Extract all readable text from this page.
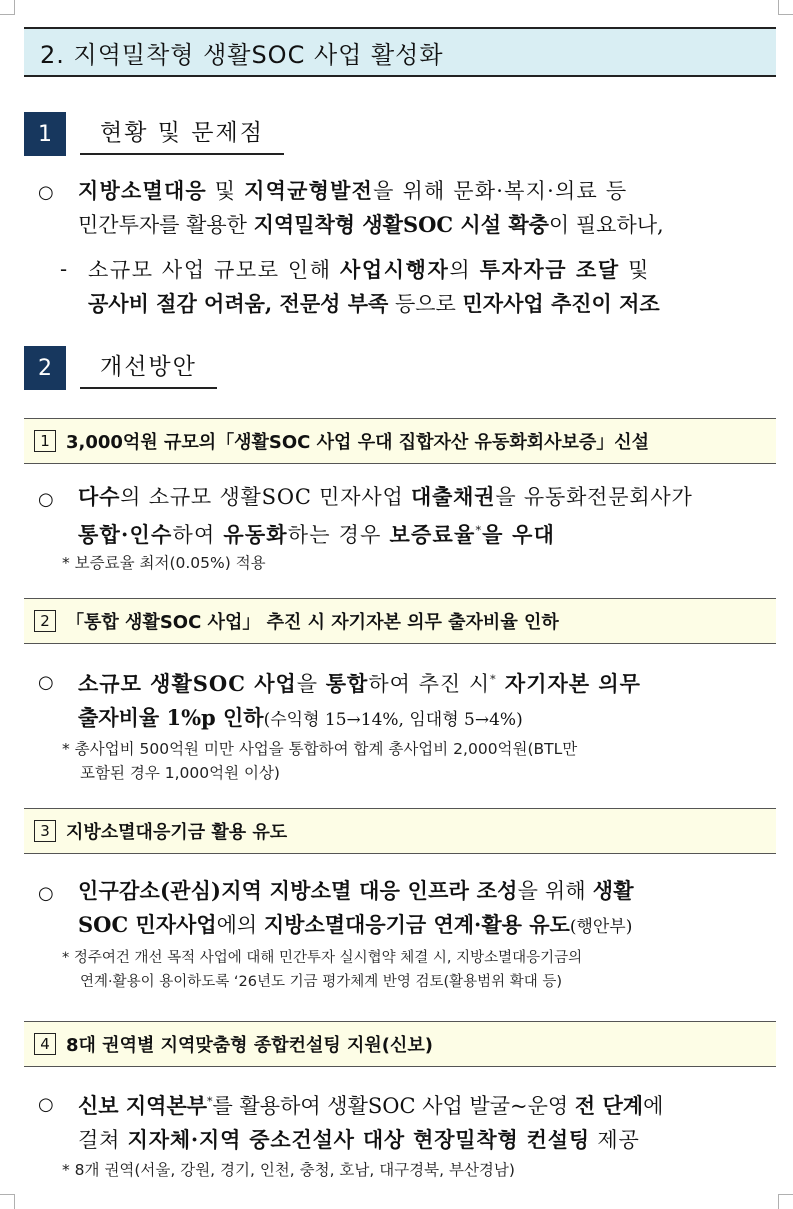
2. 지역밀착형 생활SOC 사업 활성화
1	현황 및 문제점
○ 지방소멸대응 및 지역균형발전을 위해 문화·복지·의료 등
민간투자를 활용한 지역밀착형 생활SOC 시설 확충이 필요하나,
- 소규모 사업 규모로 인해 사업시행자의 투자자금 조달 및
공사비 절감 어려움, 전문성 부족 등으로 민자사업 추진이 저조
2	개선방안
1 3,000억원 규모의「생활SOC 사업 우대 집합자산 유동화회사보증」신설
○ 다수의 소규모 생활SOC 민자사업 대출채권을 유동화전문회사가
통합·인수하여 유동화하는 경우 보증료율*을 우대
* 보증료율 최저(0.05%) 적용
2 「통합 생활SOC 사업」 추진 시 자기자본 의무 출자비율 인하
○ 소규모 생활SOC 사업을 통합하여 추진 시* 자기자본 의무
출자비율 1%p 인하(수익형 15→14%, 임대형 5→4%)
* 총사업비 500억원 미만 사업을 통합하여 합계 총사업비 2,000억원(BTL만
포함된 경우 1,000억원 이상)
3 지방소멸대응기금 활용 유도
○ 인구감소(관심)지역 지방소멸 대응 인프라 조성을 위해 생활
SOC 민자사업에의 지방소멸대응기금 연계·활용 유도(행안부)
* 정주여건 개선 목적 사업에 대해 민간투자 실시협약 체결 시, 지방소멸대응기금의
연계·활용이 용이하도록 ‘26년도 기금 평가체계 반영 검토(활용범위 확대 등)
4 8대 권역별 지역맞춤형 종합컨설팅 지원(신보)
○ 신보 지역본부*를 활용하여 생활SOC 사업 발굴~운영 전 단계에
걸쳐 지자체·지역 중소건설사 대상 현장밀착형 컨설팅 제공
* 8개 권역(서울, 강원, 경기, 인천, 충청, 호남, 대구경북, 부산경남)
